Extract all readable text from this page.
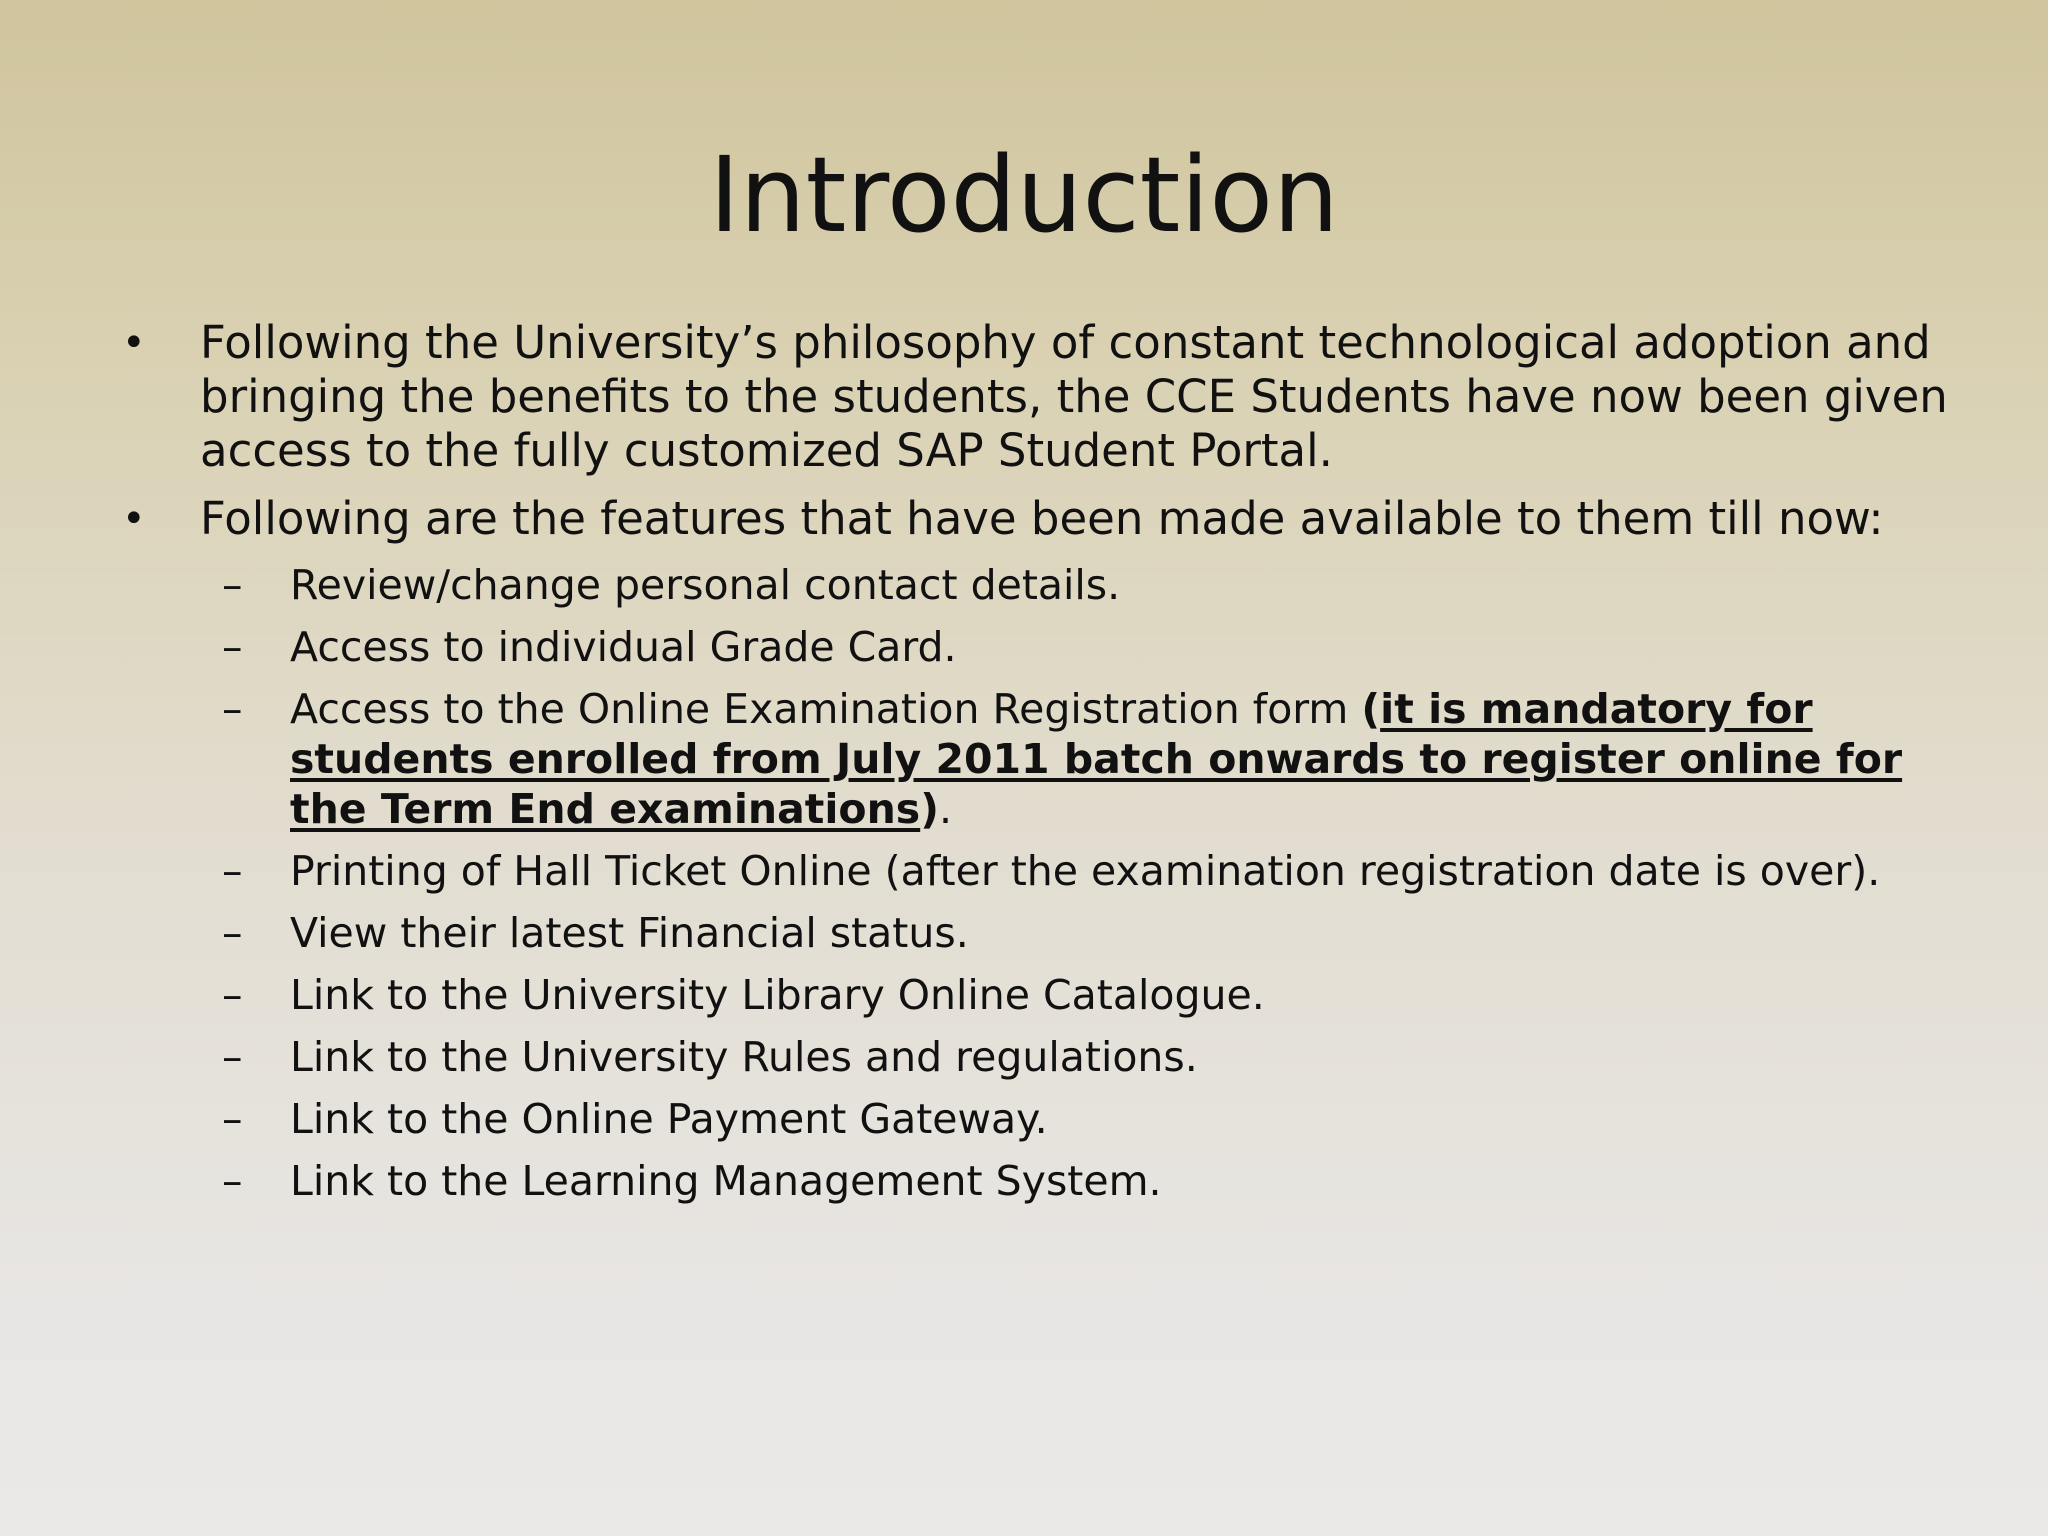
Introduction
• Following the University’s philosophy of constant technological adoption and bringing the benefits to the students, the CCE Students have now been given access to the fully customized SAP Student Portal.
• Following are the features that have been made available to them till now:
– Review/change personal contact details.
– Access to individual Grade Card.
– Access to the Online Examination Registration form (it is mandatory for students enrolled from July 2011 batch onwards to register online for the Term End examinations).
– Printing of Hall Ticket Online (after the examination registration date is over).
– View their latest Financial status.
– Link to the University Library Online Catalogue.
– Link to the University Rules and regulations.
– Link to the Online Payment Gateway.
– Link to the Learning Management System.
